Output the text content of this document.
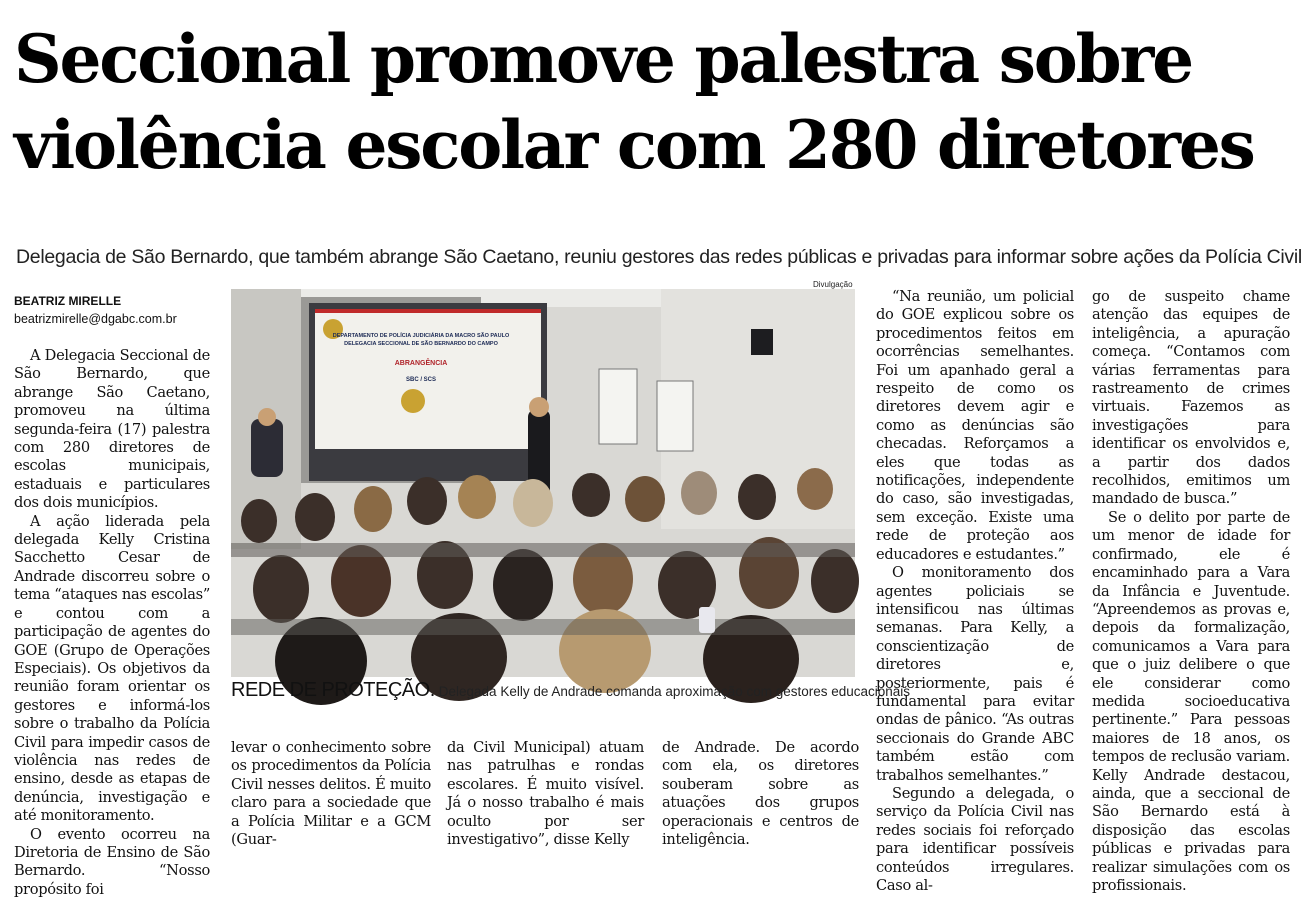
Seccional promove palestra sobre
violência escolar com 280 diretores
Delegacia de São Bernardo, que também abrange São Caetano, reuniu gestores das redes públicas e privadas para informar sobre ações da Polícia Civil
BEATRIZ MIRELLE
beatrizmirelle@dgabc.com.br

A Delegacia Seccional de São Bernardo, que abrange São Caetano, promoveu na última segunda-feira (17) palestra com 280 diretores de escolas municipais, estaduais e particulares dos dois municípios.

A ação liderada pela delegada Kelly Cristina Sacchetto Cesar de Andrade discorreu sobre o tema “ataques nas escolas” e contou com a participação de agentes do GOE (Grupo de Operações Especiais). Os objetivos da reunião foram orientar os gestores e informá-los sobre o trabalho da Polícia Civil para impedir casos de violência nas redes de ensino, desde as etapas de denúncia, investigação e até monitoramento.

O evento ocorreu na Diretoria de Ensino de São Bernardo. “Nosso propósito foi

Divulgação
DEPARTAMENTO DE POLÍCIA JUDICIÁRIA DA MACRO SÃO PAULO
DELEGACIA SECCIONAL DE SÃO BERNARDO DO CAMPO
ABRANGÊNCIA
SBC / SCS
REDE DE PROTEÇÃO. Delegada Kelly de Andrade comanda aproximação com gestores educacionais

levar o conhecimento sobre os procedimentos da Polícia Civil nesses delitos. É muito claro para a sociedade que a Polícia Militar e a GCM (Guar-

da Civil Municipal) atuam nas patrulhas e rondas escolares. É muito visível. Já o nosso trabalho é mais oculto por ser investigativo”, disse Kelly

de Andrade. De acordo com ela, os diretores souberam sobre as atuações dos grupos operacionais e centros de inteligência.

“Na reunião, um policial do GOE explicou sobre os procedimentos feitos em ocorrências semelhantes. Foi um apanhado geral a respeito de como os diretores devem agir e como as denúncias são checadas. Reforçamos a eles que todas as notificações, independente do caso, são investigadas, sem exceção. Existe uma rede de proteção aos educadores e estudantes.”

O monitoramento dos agentes policiais se intensificou nas últimas semanas. Para Kelly, a conscientização de diretores e, posteriormente, pais é fundamental para evitar ondas de pânico. “As outras seccionais do Grande ABC também estão com trabalhos semelhantes.”

Segundo a delegada, o serviço da Polícia Civil nas redes sociais foi reforçado para identificar possíveis conteúdos irregulares. Caso al-

go de suspeito chame atenção das equipes de inteligência, a apuração começa. “Contamos com várias ferramentas para rastreamento de crimes virtuais. Fazemos as investigações para identificar os envolvidos e, a partir dos dados recolhidos, emitimos um mandado de busca.”

Se o delito por parte de um menor de idade for confirmado, ele é encaminhado para a Vara da Infância e Juventude. “Apreendemos as provas e, depois da formalização, comunicamos a Vara para que o juiz delibere o que ele considerar como medida socioeducativa pertinente.” Para pessoas maiores de 18 anos, os tempos de reclusão variam. Kelly Andrade destacou, ainda, que a seccional de São Bernardo está à disposição das escolas públicas e privadas para realizar simulações com os profissionais.
